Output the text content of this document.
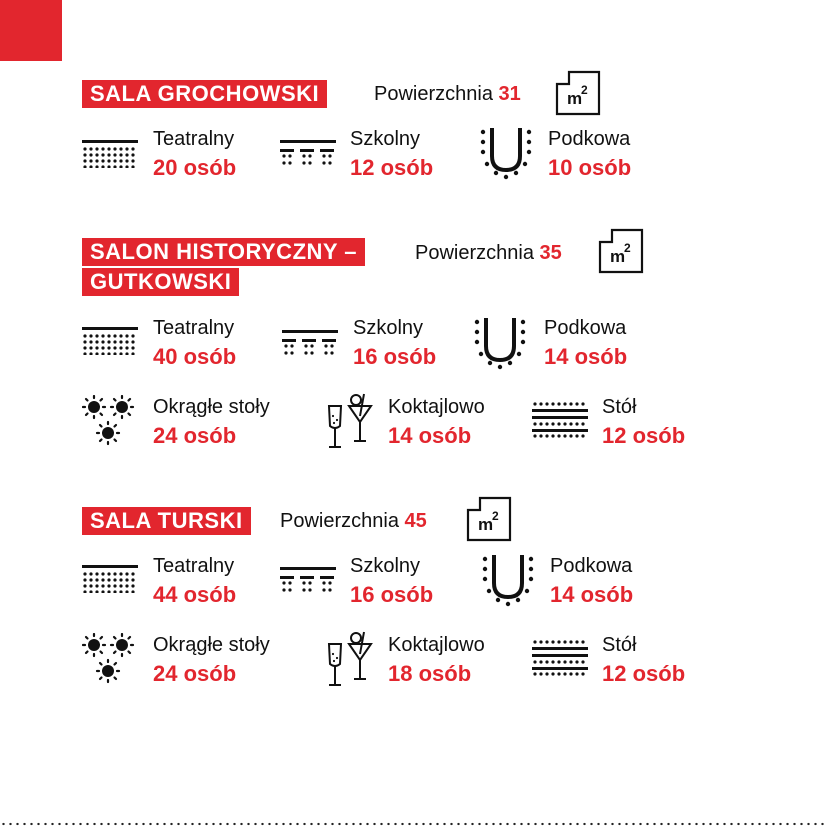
SALA GROCHOWSKI	Powierzchnia 31	m
2
Teatralny
20 osób
Szkolny
12 osób
Podkowa
10 osób
SALON HISTORYCZNY –
GUTKOWSKI
Powierzchnia 35	m
2
Teatralny
40 osób
Szkolny
16 osób
Podkowa
14 osób
Okrągłe stoły
24 osób
Koktajlowo
14 osób
Stół
12 osób
SALA TURSKI	Powierzchnia 45	m
2
Teatralny
44 osób
Szkolny
16 osób
Podkowa
14 osób
Okrągłe stoły
24 osób
Koktajlowo
18 osób
Stół
12 osób
